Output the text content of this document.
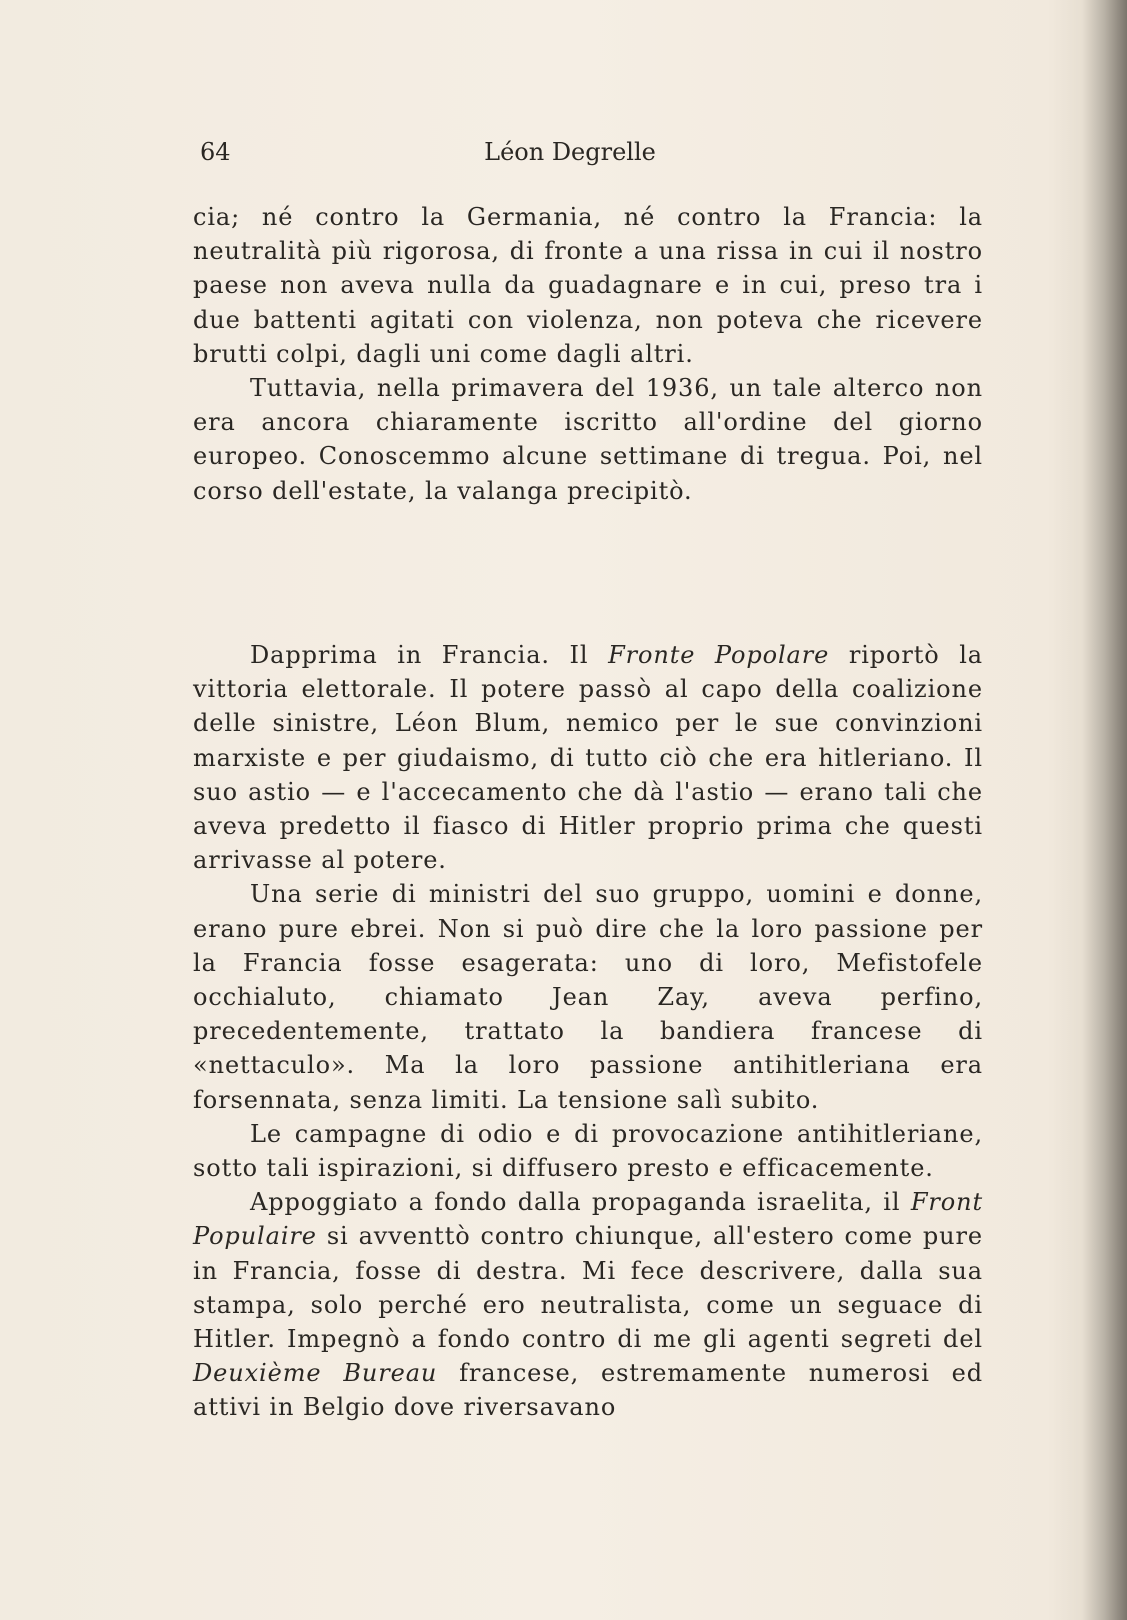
64	Léon Degrelle

cia; né contro la Germania, né contro la Francia: la neutralità più rigorosa, di fronte a una rissa in cui il nostro paese non aveva nulla da guadagnare e in cui, preso tra i due battenti agitati con violenza, non poteva che ricevere brutti colpi, dagli uni come dagli altri.

Tuttavia, nella primavera del 1936, un tale alterco non era ancora chiaramente iscritto all'ordine del giorno europeo. Conoscemmo alcune settimane di tregua. Poi, nel corso dell'estate, la valanga precipitò.

Dapprima in Francia. Il Fronte Popolare riportò la vittoria elettorale. Il potere passò al capo della coalizione delle sinistre, Léon Blum, nemico per le sue convinzioni marxiste e per giudaismo, di tutto ciò che era hitleriano. Il suo astio — e l'accecamento che dà l'astio — erano tali che aveva predetto il fiasco di Hitler proprio prima che questi arrivasse al potere.

Una serie di ministri del suo gruppo, uomini e donne, erano pure ebrei. Non si può dire che la loro passione per la Francia fosse esagerata: uno di loro, Mefistofele occhialuto, chiamato Jean Zay, aveva perfino, precedentemente, trattato la bandiera francese di «nettaculo». Ma la loro passione antihitleriana era forsennata, senza limiti. La tensione salì subito.

Le campagne di odio e di provocazione antihitleriane, sotto tali ispirazioni, si diffusero presto e efficacemente.

Appoggiato a fondo dalla propaganda israelita, il Front Populaire si avventtò contro chiunque, all'estero come pure in Francia, fosse di destra. Mi fece descrivere, dalla sua stampa, solo perché ero neutralista, come un seguace di Hitler. Impegnò a fondo contro di me gli agenti segreti del Deuxième Bureau francese, estremamente numerosi ed attivi in Belgio dove riversavano
